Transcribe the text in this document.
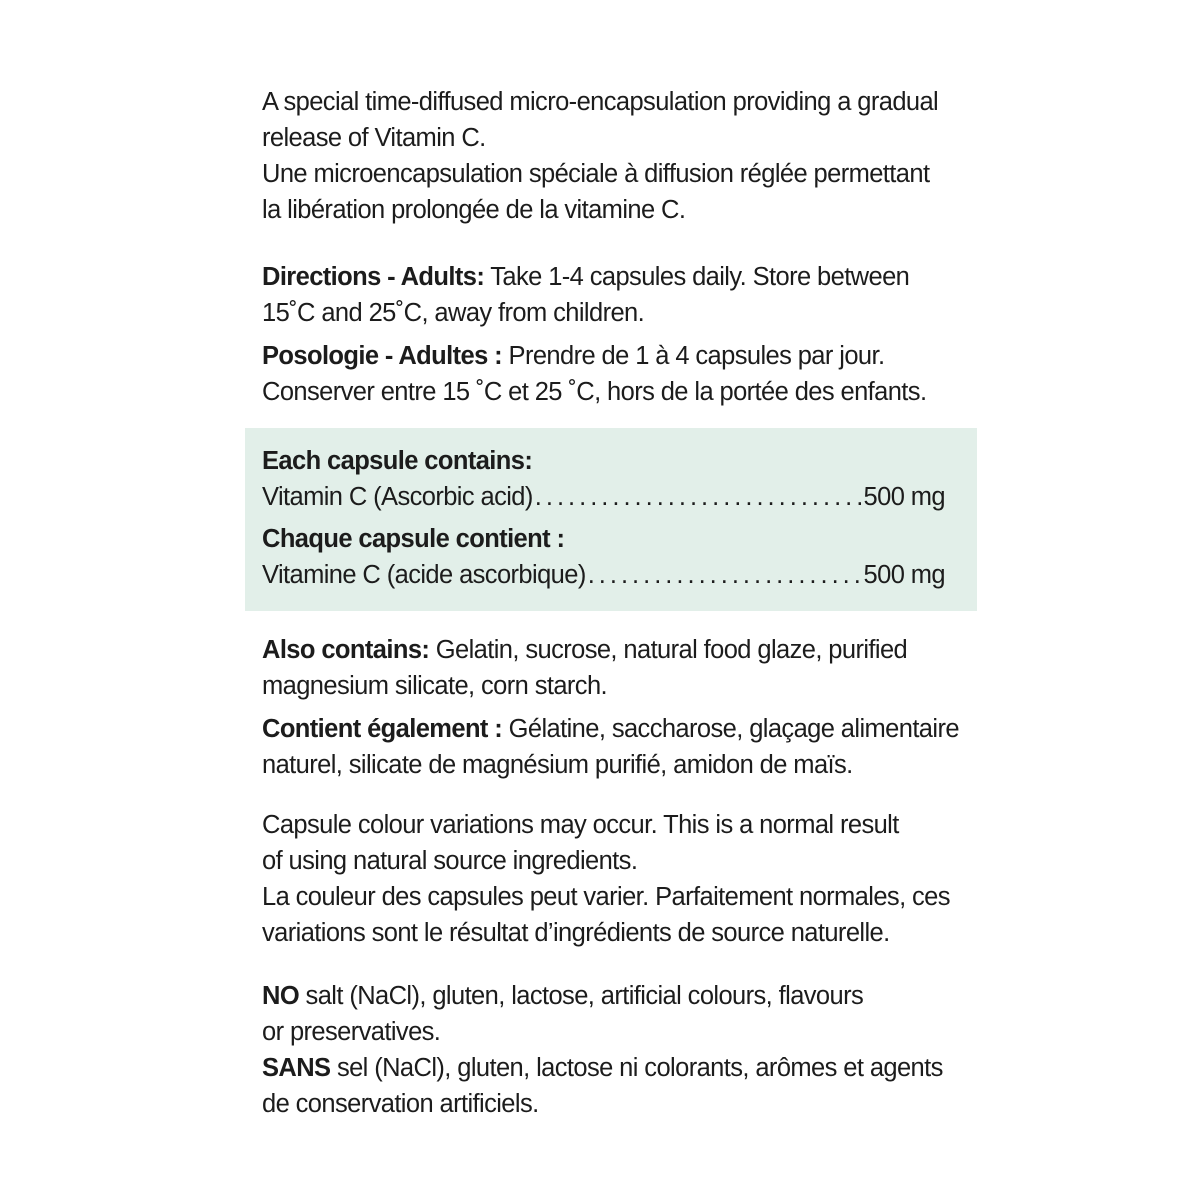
A special time-diffused micro-encapsulation providing a gradual
release of Vitamin C.
Une microencapsulation spéciale à diffusion réglée permettant
la libération prolongée de la vitamine C.
Directions - Adults: Take 1-4 capsules daily. Store between
15˚C and 25˚C, away from children.
Posologie - Adultes : Prendre de 1 à 4 capsules par jour.
Conserver entre 15 ˚C et 25 ˚C, hors de la portée des enfants.
Each capsule contains:
Vitamin C (Ascorbic acid) .....	500 mg
Chaque capsule contient :
Vitamine C (acide ascorbique) .....	500 mg
Also contains: Gelatin, sucrose, natural food glaze, purified
magnesium silicate, corn starch.
Contient également : Gélatine, saccharose, glaçage alimentaire
naturel, silicate de magnésium purifié, amidon de maïs.
Capsule colour variations may occur. This is a normal result
of using natural source ingredients.
La couleur des capsules peut varier. Parfaitement normales, ces
variations sont le résultat d’ingrédients de source naturelle.
NO salt (NaCl), gluten, lactose, artificial colours, flavours
or preservatives.
SANS sel (NaCl), gluten, lactose ni colorants, arômes et agents
de conservation artificiels.
